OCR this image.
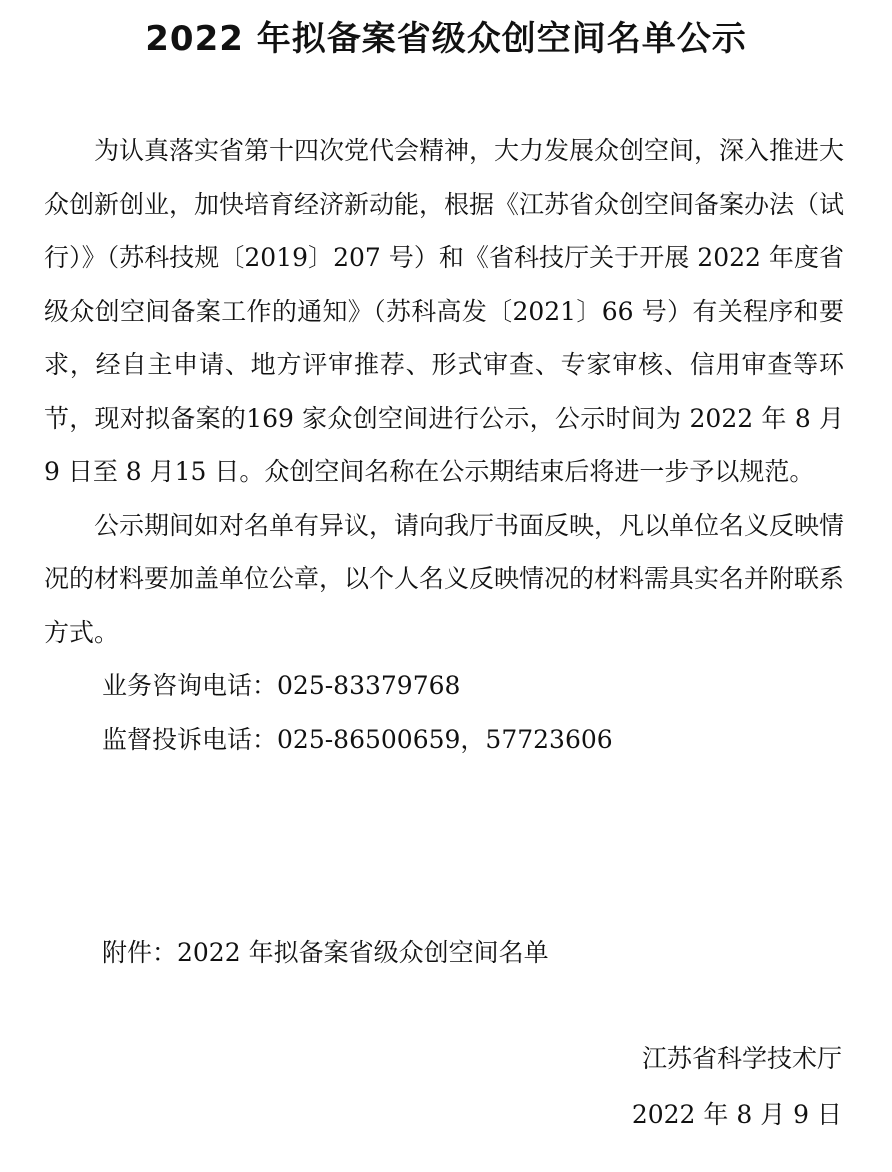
2022 年拟备案省级众创空间名单公示

为认真落实省第十四次党代会精神，大力发展众创空间，深入推进大众创新创业，加快培育经济新动能，根据《江苏省众创空间备案办法（试行）》（苏科技规〔2019〕207 号）和《省科技厅关于开展 2022 年度省级众创空间备案工作的通知》（苏科高发〔2021〕66 号）有关程序和要求，经自主申请、地方评审推荐、形式审查、专家审核、信用审查等环节，现对拟备案的169 家众创空间进行公示，公示时间为 2022 年 8 月 9 日至 8 月15 日。众创空间名称在公示期结束后将进一步予以规范。

公示期间如对名单有异议，请向我厅书面反映，凡以单位名义反映情况的材料要加盖单位公章，以个人名义反映情况的材料需具实名并附联系方式。

业务咨询电话：025-83379768

监督投诉电话：025-86500659，57723606

附件：2022 年拟备案省级众创空间名单
江苏省科学技术厅
2022 年 8 月 9 日
